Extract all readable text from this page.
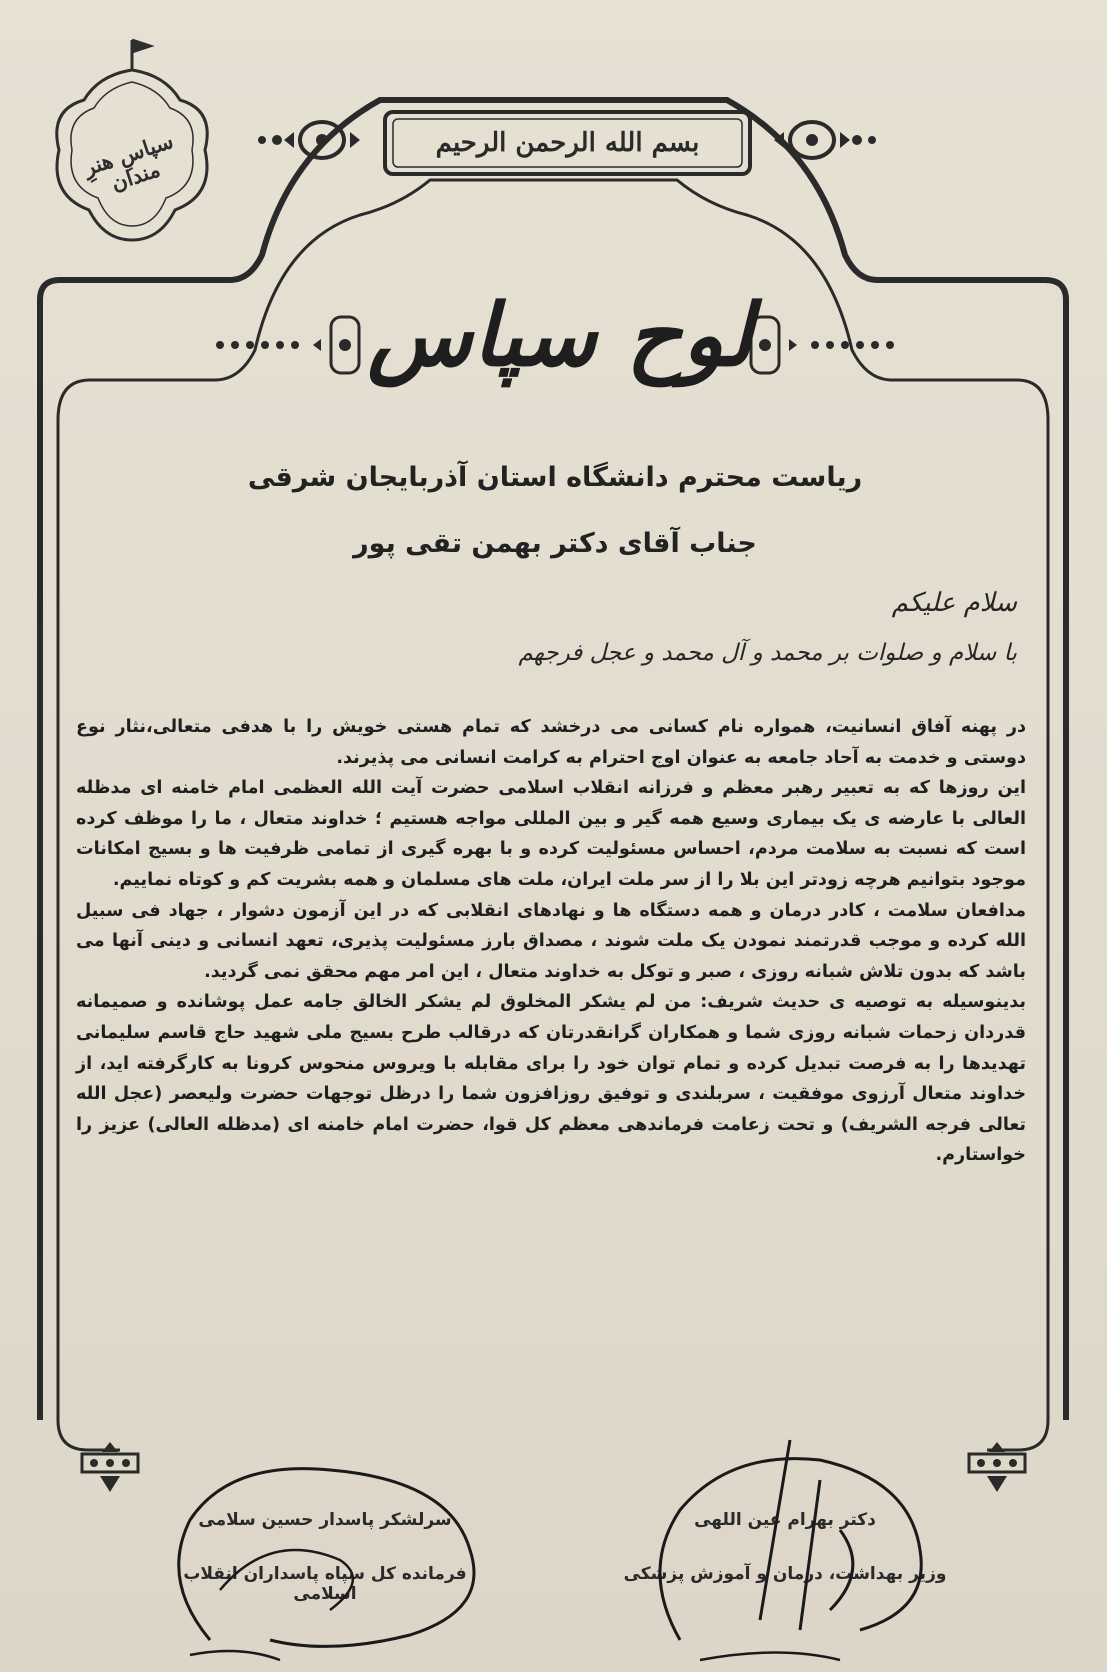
سپاسِ هنرِ مندان
بسم الله الرحمن الرحیم
لوح سپاس
ریاست محترم دانشگاه استان آذربایجان شرقی
جناب آقای دکتر بهمن تقی پور
سلام علیکم
با سلام و صلوات بر محمد و آل محمد و عجل فرجهم

در پهنه آفاق انسانیت، همواره نام کسانی می درخشد که تمام هستی خویش را با هدفی متعالی،نثار نوع دوستی و خدمت به آحاد جامعه به عنوان اوج احترام به کرامت انسانی می پذیرند.

این روزها که به تعبیر رهبر معظم و فرزانه انقلاب اسلامی حضرت آیت الله العظمی امام خامنه ای مدظله العالی با عارضه ی یک بیماری وسیع همه گیر و بین المللی مواجه هستیم ؛ خداوند متعال ، ما را موظف کرده است که نسبت به سلامت مردم، احساس مسئولیت کرده و با بهره گیری از تمامی ظرفیت ها و بسیج امکانات موجود بتوانیم هرچه زودتر این بلا را از سر ملت ایران، ملت های مسلمان و همه بشریت کم و کوتاه نماییم.

مدافعان سلامت ، کادر درمان و همه دستگاه ها و نهادهای انقلابی که در این آزمون دشوار ، جهاد فی سبیل الله کرده و موجب قدرتمند نمودن یک ملت شوند ، مصداق بارز مسئولیت پذیری، تعهد انسانی و دینی آنها می باشد که بدون تلاش شبانه روزی ، صبر و توکل به خداوند متعال ، این امر مهم محقق نمی گردید.

بدینوسیله به توصیه ی حدیث شریف: من لم یشکر المخلوق لم یشکر الخالق جامه عمل پوشانده و صمیمانه قدردان زحمات شبانه روزی شما و همکاران گرانقدرتان که درقالب طرح بسیج ملی شهید حاج قاسم سلیمانی تهدیدها را به فرصت تبدیل کرده و تمام توان خود را برای مقابله با ویروس منحوس کرونا به کارگرفته اید، از خداوند متعال آرزوی موفقیت ، سربلندی و توفیق روزافزون شما را درظل توجهات حضرت ولیعصر (عجل الله تعالی فرجه الشریف) و تحت زعامت فرماندهی معظم کل قوا، حضرت امام خامنه ای (مدظله العالی) عزیز را خواستارم.

سرلشکر پاسدار حسین سلامی
فرمانده کل سپاه پاسداران انقلاب اسلامی
دکتر بهرام عین اللهی
وزیر بهداشت، درمان و آموزش پزشکی
